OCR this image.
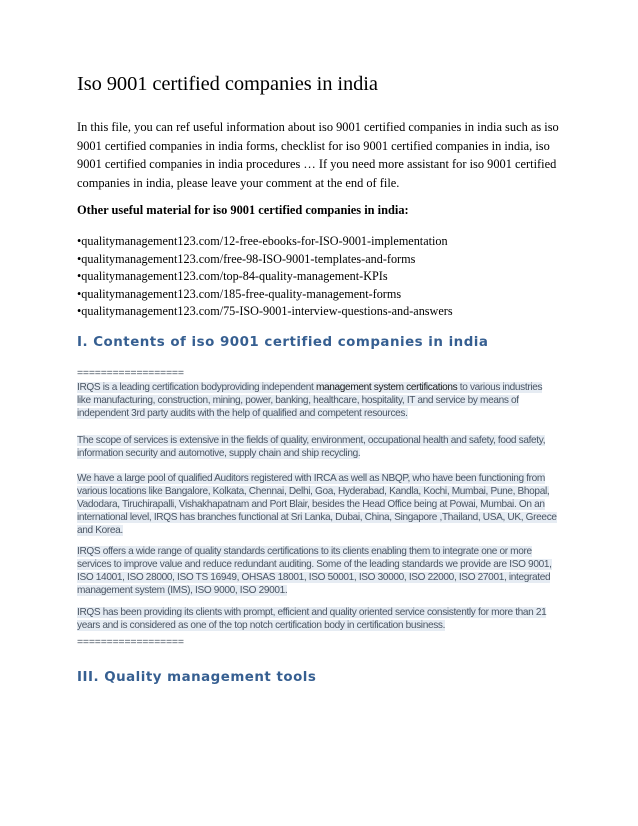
Iso 9001 certified companies in india

In this file, you can ref useful information about iso 9001 certified companies in india such as iso
9001 certified companies in india forms, checklist for iso 9001 certified companies in india, iso
9001 certified companies in india procedures … If you need more assistant for iso 9001 certified
companies in india, please leave your comment at the end of file.

Other useful material for iso 9001 certified companies in india:

• qualitymanagement123.com/12-free-ebooks-for-ISO-9001-implementation
• qualitymanagement123.com/free-98-ISO-9001-templates-and-forms
• qualitymanagement123.com/top-84-quality-management-KPIs
• qualitymanagement123.com/185-free-quality-management-forms
• qualitymanagement123.com/75-ISO-9001-interview-questions-and-answers
I. Contents of iso 9001 certified companies in india
==================
IRQS is a leading certification bodyproviding independent management system certifications to various industries
like manufacturing, construction, mining, power, banking, healthcare, hospitality, IT and service by means of
independent 3rd party audits with the help of qualified and competent resources.
The scope of services is extensive in the fields of quality, environment, occupational health and safety, food safety,
information security and automotive, supply chain and ship recycling.
We have a large pool of qualified Auditors registered with IRCA as well as NBQP, who have been functioning from
various locations like Bangalore, Kolkata, Chennai, Delhi, Goa, Hyderabad, Kandla, Kochi, Mumbai, Pune, Bhopal,
Vadodara, Tiruchirapalli, Vishakhapatnam and Port Blair, besides the Head Office being at Powai, Mumbai. On an
international level, IRQS has branches functional at Sri Lanka, Dubai, China, Singapore ,Thailand, USA, UK, Greece
and Korea.
IRQS offers a wide range of quality standards certifications to its clients enabling them to integrate one or more
services to improve value and reduce redundant auditing. Some of the leading standards we provide are ISO 9001,
ISO 14001, ISO 28000, ISO TS 16949, OHSAS 18001, ISO 50001, ISO 30000, ISO 22000, ISO 27001, integrated
management system (IMS), ISO 9000, ISO 29001.
IRQS has been providing its clients with prompt, efficient and quality oriented service consistently for more than 21
years and is considered as one of the top notch certification body in certification business.
==================
III. Quality management tools
